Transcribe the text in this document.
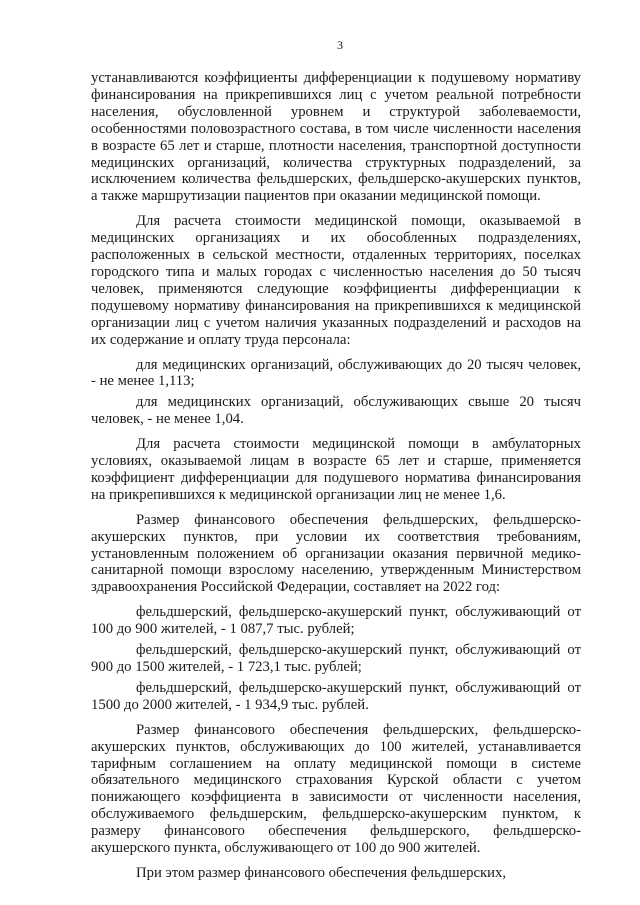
3

устанавливаются коэффициенты дифференциации к подушевому нормативу финансирования на прикрепившихся лиц с учетом реальной потребности населения, обусловленной уровнем и структурой заболеваемости, особенностями половозрастного состава, в том числе численности населения в возрасте 65 лет и старше, плотности населения, транспортной доступности медицинских организаций, количества структурных подразделений, за исключением количества фельдшерских, фельдшерско-акушерских пунктов, а также маршрутизации пациентов при оказании медицинской помощи.

Для расчета стоимости медицинской помощи, оказываемой в медицинских организациях и их обособленных подразделениях, расположенных в сельской местности, отдаленных территориях, поселках городского типа и малых городах с численностью населения до 50 тысяч человек, применяются следующие коэффициенты дифференциации к подушевому нормативу финансирования на прикрепившихся к медицинской организации лиц с учетом наличия указанных подразделений и расходов на их содержание и оплату труда персонала:

для медицинских организаций, обслуживающих до 20 тысяч человек, - не менее 1,113;

для медицинских организаций, обслуживающих свыше 20 тысяч человек, - не менее 1,04.

Для расчета стоимости медицинской помощи в амбулаторных условиях, оказываемой лицам в возрасте 65 лет и старше, применяется коэффициент дифференциации для подушевого норматива финансирования на прикрепившихся к медицинской организации лиц не менее 1,6.

Размер финансового обеспечения фельдшерских, фельдшерско-акушерских пунктов, при условии их соответствия требованиям, установленным положением об организации оказания первичной медико-санитарной помощи взрослому населению, утвержденным Министерством здравоохранения Российской Федерации, составляет на 2022 год:

фельдшерский, фельдшерско-акушерский пункт, обслуживающий от 100 до 900 жителей, - 1 087,7 тыс. рублей;

фельдшерский, фельдшерско-акушерский пункт, обслуживающий от 900 до 1500 жителей, - 1 723,1 тыс. рублей;

фельдшерский, фельдшерско-акушерский пункт, обслуживающий от 1500 до 2000 жителей, - 1 934,9 тыс. рублей.

Размер финансового обеспечения фельдшерских, фельдшерско-акушерских пунктов, обслуживающих до 100 жителей, устанавливается тарифным соглашением на оплату медицинской помощи в системе обязательного медицинского страхования Курской области с учетом понижающего коэффициента в зависимости от численности населения, обслуживаемого фельдшерским, фельдшерско-акушерским пунктом, к размеру финансового обеспечения фельдшерского, фельдшерско-акушерского пункта, обслуживающего от 100 до 900 жителей.

При этом размер финансового обеспечения фельдшерских,
